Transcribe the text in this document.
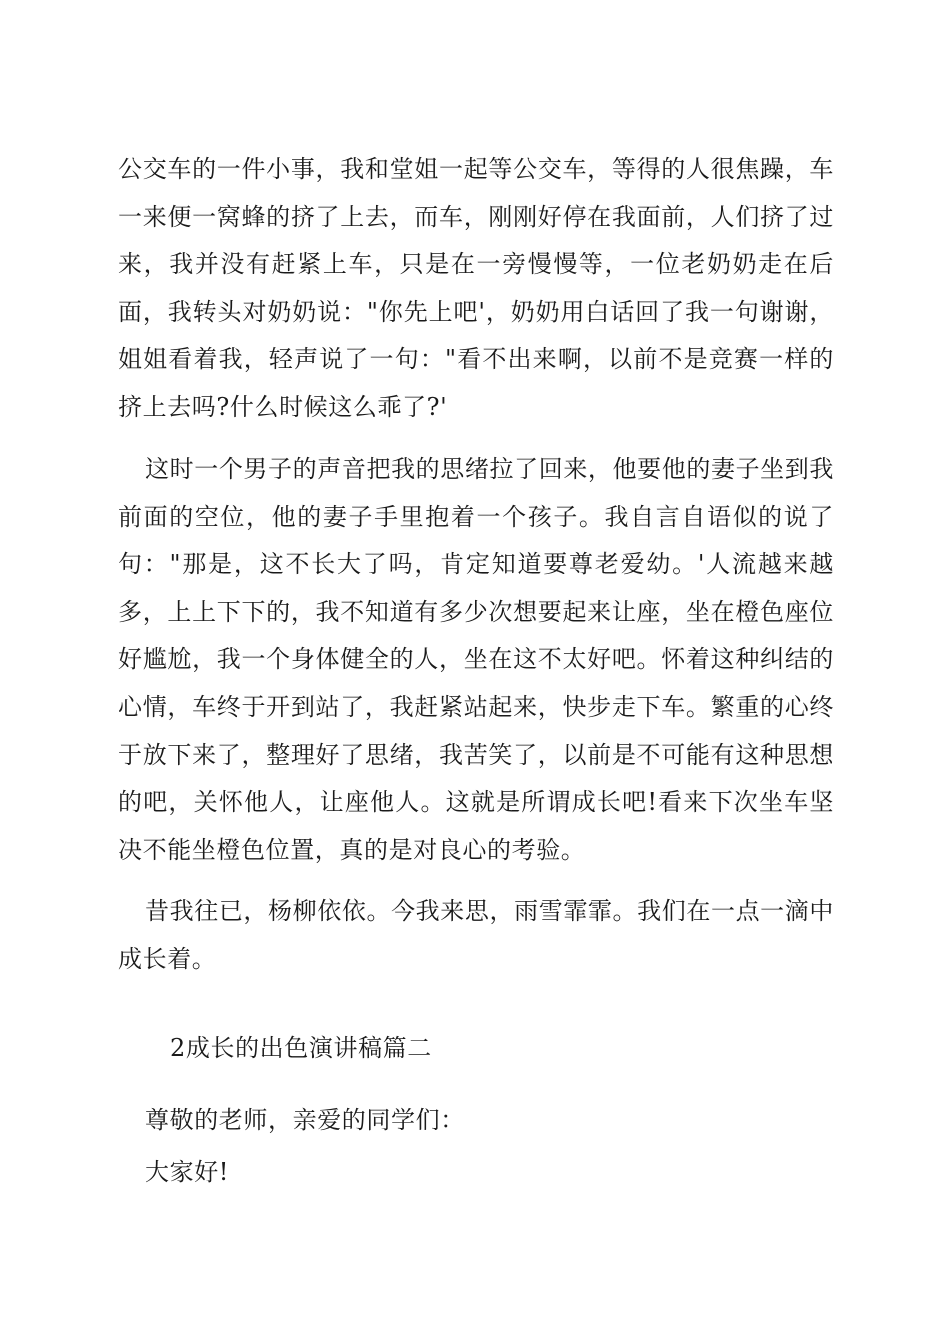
公交车的一件小事，我和堂姐一起等公交车，等得的人很焦躁，车一来便一窝蜂的挤了上去，而车，刚刚好停在我面前，人们挤了过来，我并没有赶紧上车，只是在一旁慢慢等，一位老奶奶走在后面，我转头对奶奶说："你先上吧'，奶奶用白话回了我一句谢谢，姐姐看着我，轻声说了一句："看不出来啊，以前不是竞赛一样的挤上去吗?什么时候这么乖了?'

这时一个男子的声音把我的思绪拉了回来，他要他的妻子坐到我前面的空位，他的妻子手里抱着一个孩子。我自言自语似的说了句："那是，这不长大了吗，肯定知道要尊老爱幼。'人流越来越多，上上下下的，我不知道有多少次想要起来让座，坐在橙色座位好尴尬，我一个身体健全的人，坐在这不太好吧。怀着这种纠结的心情，车终于开到站了，我赶紧站起来，快步走下车。繁重的心终于放下来了，整理好了思绪，我苦笑了，以前是不可能有这种思想的吧，关怀他人，让座他人。这就是所谓成长吧!看来下次坐车坚决不能坐橙色位置，真的是对良心的考验。

昔我往已，杨柳依依。今我来思，雨雪霏霏。我们在一点一滴中成长着。

2成长的出色演讲稿篇二

尊敬的老师，亲爱的同学们：

大家好!
